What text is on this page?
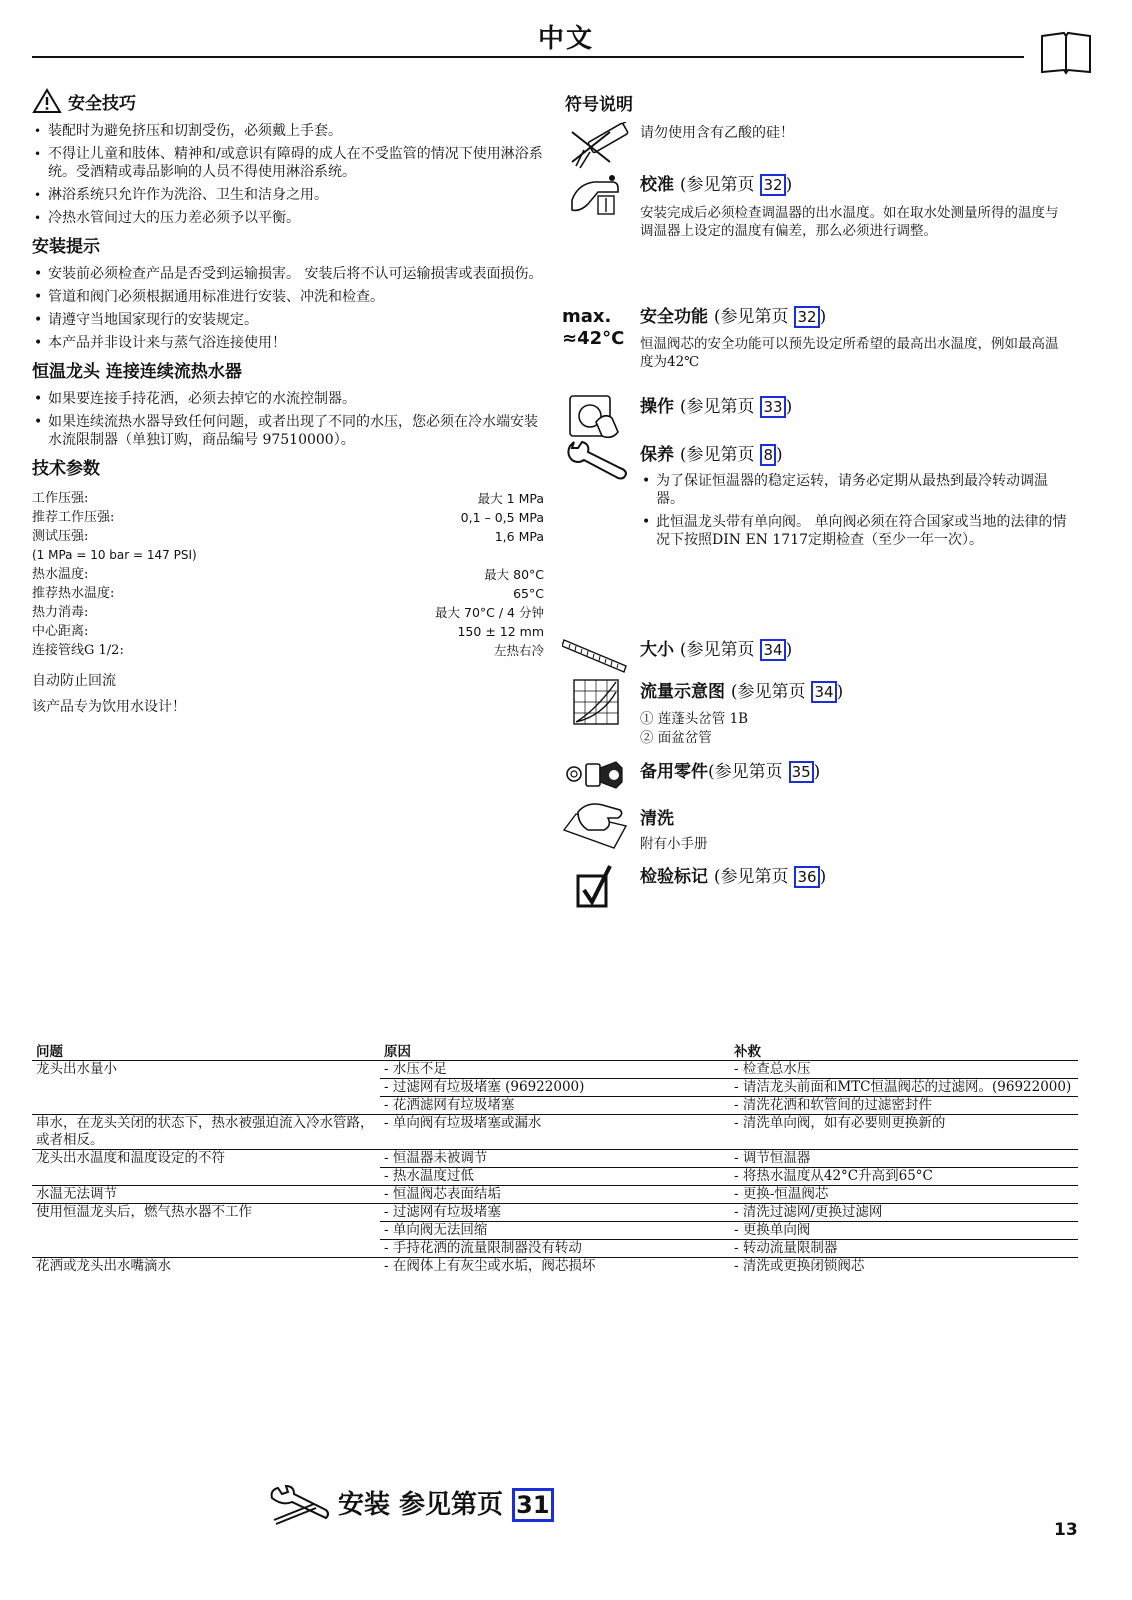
中文
安全技巧
• 装配时为避免挤压和切割受伤，必须戴上手套。
• 不得让儿童和肢体、精神和/或意识有障碍的成人在不受监管的情况下使用淋浴系统。受酒精或毒品影响的人员不得使用淋浴系统。
• 淋浴系统只允许作为洗浴、卫生和洁身之用。
• 冷热水管间过大的压力差必须予以平衡。
安装提示
• 安装前必须检查产品是否受到运输损害。 安装后将不认可运输损害或表面损伤。
• 管道和阀门必须根据通用标准进行安装、冲洗和检查。
• 请遵守当地国家现行的安装规定。
• 本产品并非设计来与蒸气浴连接使用！
恒温龙头 连接连续流热水器
• 如果要连接手持花洒，必须去掉它的水流控制器。
• 如果连续流热水器导致任何问题，或者出现了不同的水压，您必须在冷水端安装水流限制器（单独订购，商品编号 97510000）。
技术参数
工作压强:	最大 1 MPa
推荐工作压强:	0,1 – 0,5 MPa
测试压强:	1,6 MPa
(1 MPa = 10 bar = 147 PSI)
热水温度:	最大 80°C
推荐热水温度:	65°C
热力消毒:	最大 70°C / 4 分钟
中心距离:	150 ± 12 mm
连接管线G 1/2:	左热右冷
自动防止回流
该产品专为饮用水设计！
符号说明
请勿使用含有乙酸的硅！
校准 (参见第页 32 )
安装完成后必须检查调温器的出水温度。如在取水处测量所得的温度与调温器上设定的温度有偏差，那么必须进行调整。
max.
≈42°C
安全功能 (参见第页 32 )
恒温阀芯的安全功能可以预先设定所希望的最高出水温度，例如最高温度为42℃
操作 (参见第页 33 )
保养 (参见第页 8 )
• 为了保证恒温器的稳定运转，请务必定期从最热到最冷转动调温器。
• 此恒温龙头带有单向阀。 单向阀必须在符合国家或当地的法律的情况下按照DIN EN 1717定期检查（至少一年一次）。
大小 (参见第页 34 )
流量示意图 (参见第页 34 )
① 莲蓬头岔管 1B
② 面盆岔管
备用零件(参见第页 35 )
清洗
附有小手册
检验标记 (参见第页 36 )
问题	原因	补救
龙头出水量小	- 水压不足	- 检查总水压
	- 过滤网有垃圾堵塞 (96922000)	- 请洁龙头前面和MTC恒温阀芯的过滤网。(96922000)
	- 花洒滤网有垃圾堵塞	- 清洗花洒和软管间的过滤密封件
串水，在龙头关闭的状态下，热水被强迫流入冷水管路，或者相反。	- 单向阀有垃圾堵塞或漏水	- 清洗单向阀，如有必要则更换新的
龙头出水温度和温度设定的不符	- 恒温器未被调节	- 调节恒温器
	- 热水温度过低	- 将热水温度从42°C升高到65°C
水温无法调节	- 恒温阀芯表面结垢	- 更换-恒温阀芯
使用恒温龙头后，燃气热水器不工作	- 过滤网有垃圾堵塞	- 清洗过滤网/更换过滤网
	- 单向阀无法回缩	- 更换单向阀
	- 手持花洒的流量限制器没有转动	- 转动流量限制器
花洒或龙头出水嘴滴水	- 在阀体上有灰尘或水垢，阀芯损坏	- 清洗或更换闭锁阀芯
安装 参见第页 31
13
